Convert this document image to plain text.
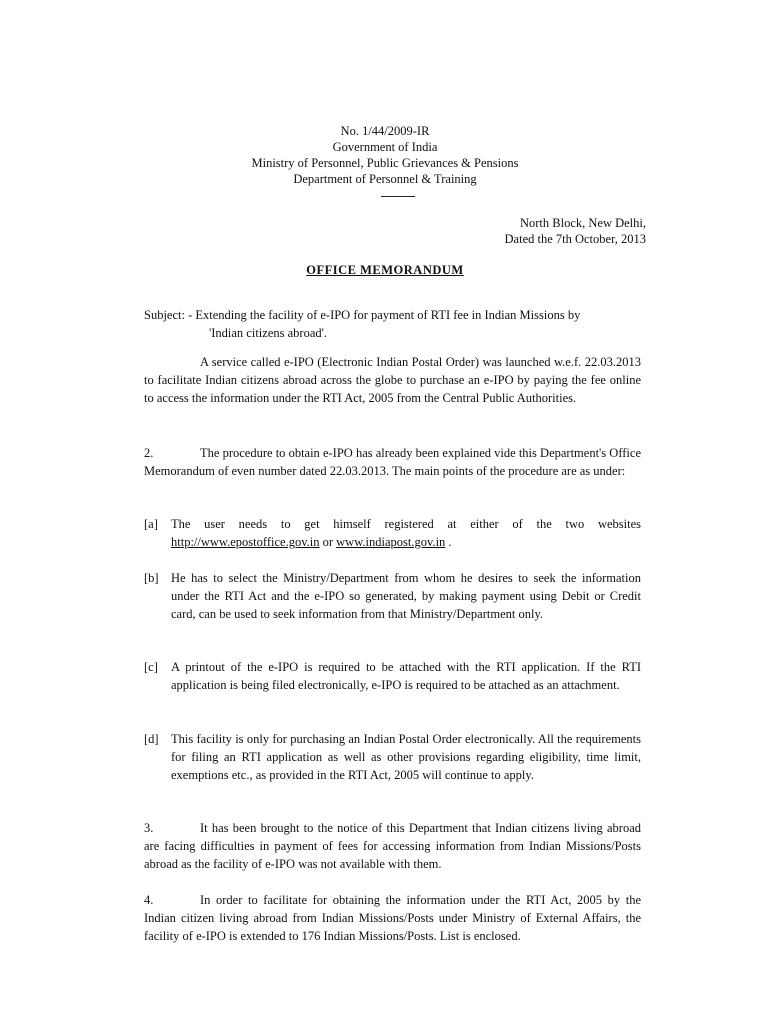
No. 1/44/2009-IR
Government of India
Ministry of Personnel, Public Grievances & Pensions
Department of Personnel & Training
North Block, New Delhi,
Dated the 7th October, 2013
OFFICE MEMORANDUM
Subject: - Extending the facility of e-IPO for payment of RTI fee in Indian Missions by
'Indian citizens abroad'.
A service called e-IPO (Electronic Indian Postal Order) was launched w.e.f. 22.03.2013 to facilitate Indian citizens abroad across the globe to purchase an e-IPO by paying the fee online to access the information under the RTI Act, 2005 from the Central Public Authorities.
2.	The procedure to obtain e-IPO has already been explained vide this Department's Office Memorandum of even number dated 22.03.2013. The main points of the procedure are as under:
[a] The user needs to get himself registered at either of the two websites http://www.epostoffice.gov.in or www.indiapost.gov.in .
[b] He has to select the Ministry/Department from whom he desires to seek the information under the RTI Act and the e-IPO so generated, by making payment using Debit or Credit card, can be used to seek information from that Ministry/Department only.
[c] A printout of the e-IPO is required to be attached with the RTI application. If the RTI application is being filed electronically, e-IPO is required to be attached as an attachment.
[d] This facility is only for purchasing an Indian Postal Order electronically. All the requirements for filing an RTI application as well as other provisions regarding eligibility, time limit, exemptions etc., as provided in the RTI Act, 2005 will continue to apply.
3.	It has been brought to the notice of this Department that Indian citizens living abroad are facing difficulties in payment of fees for accessing information from Indian Missions/Posts abroad as the facility of e-IPO was not available with them.
4.	In order to facilitate for obtaining the information under the RTI Act, 2005 by the Indian citizen living abroad from Indian Missions/Posts under Ministry of External Affairs, the facility of e-IPO is extended to 176 Indian Missions/Posts. List is enclosed.
